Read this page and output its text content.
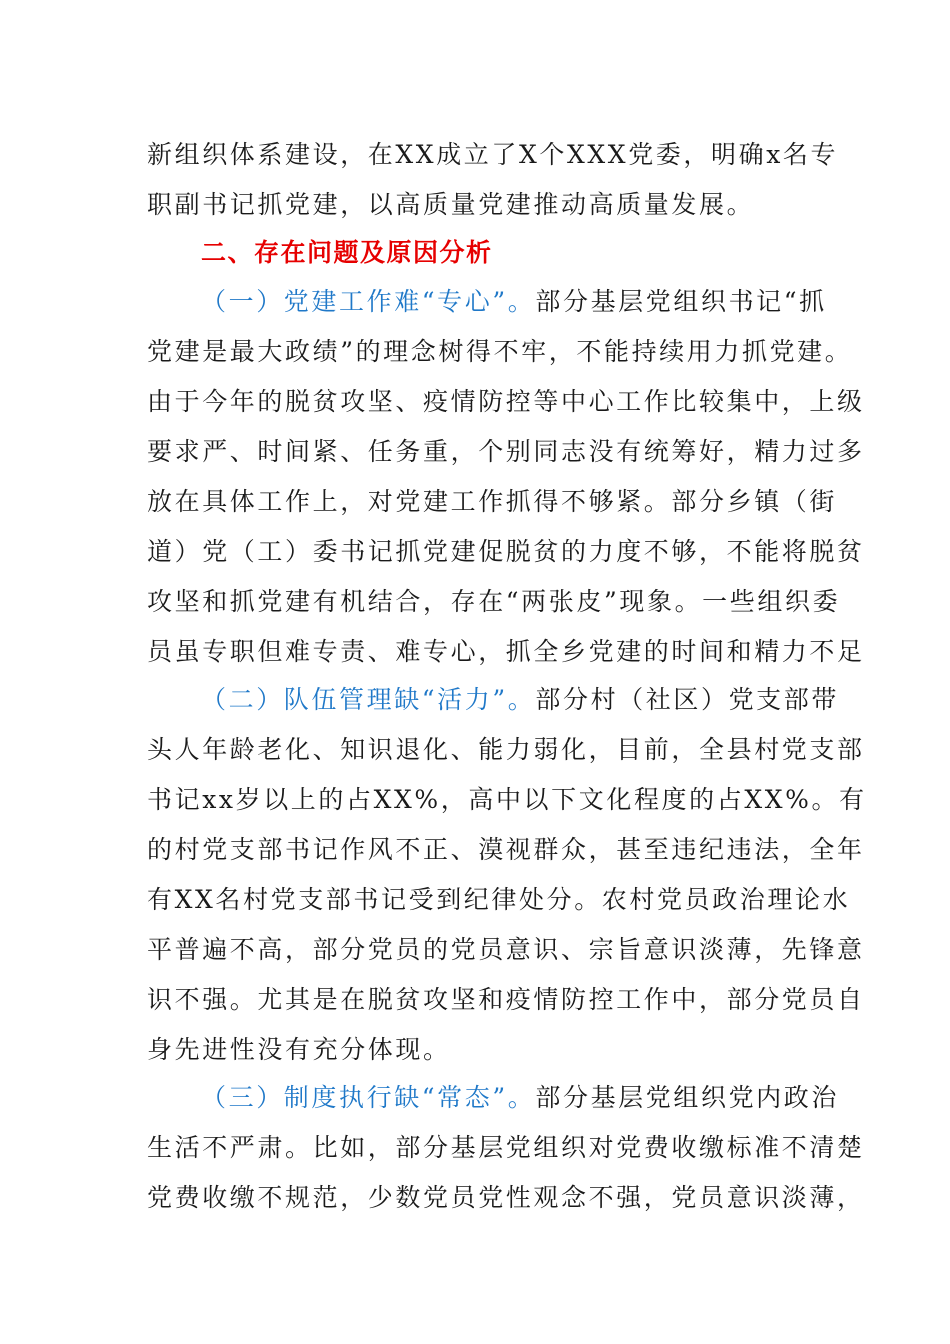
新组织体系建设，在XX成立了X个XXX党委，明确x名专
职副书记抓党建，以高质量党建推动高质量发展。
二、存在问题及原因分析
（一）党建工作难“专心”。部分基层党组织书记“抓
党建是最大政绩”的理念树得不牢，不能持续用力抓党建。
由于今年的脱贫攻坚、疫情防控等中心工作比较集中，上级
要求严、时间紧、任务重，个别同志没有统筹好，精力过多
放在具体工作上，对党建工作抓得不够紧。部分乡镇（街
道）党（工）委书记抓党建促脱贫的力度不够，不能将脱贫
攻坚和抓党建有机结合，存在“两张皮”现象。一些组织委
员虽专职但难专责、难专心，抓全乡党建的时间和精力不足
（二）队伍管理缺“活力”。部分村（社区）党支部带
头人年龄老化、知识退化、能力弱化，目前，全县村党支部
书记xx岁以上的占XX%，高中以下文化程度的占XX%。有
的村党支部书记作风不正、漠视群众，甚至违纪违法，全年
有XX名村党支部书记受到纪律处分。农村党员政治理论水
平普遍不高，部分党员的党员意识、宗旨意识淡薄，先锋意
识不强。尤其是在脱贫攻坚和疫情防控工作中，部分党员自
身先进性没有充分体现。
（三）制度执行缺“常态”。部分基层党组织党内政治
生活不严肃。比如，部分基层党组织对党费收缴标准不清楚
党费收缴不规范，少数党员党性观念不强，党员意识淡薄，
